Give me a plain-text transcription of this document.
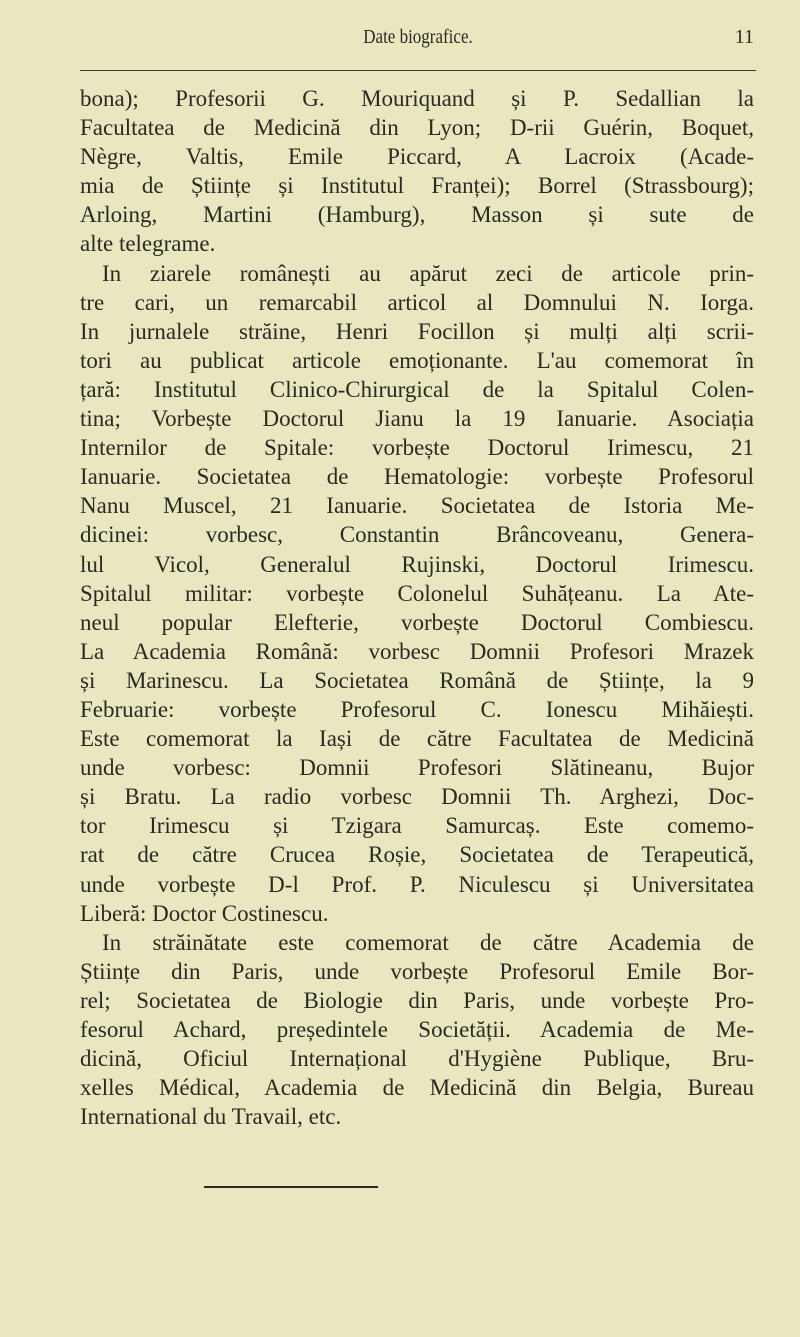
Date biografice.	11
bona); Profesorii G. Mouriquand și P. Sedallian la
Facultatea de Medicină din Lyon; D-rii Guérin, Boquet,
Nègre, Valtis, Emile Piccard, A Lacroix (Acade-
mia de Științe și Institutul Franței); Borrel (Strassbourg);
Arloing, Martini (Hamburg), Masson și sute de
alte telegrame.
In ziarele românești au apărut zeci de articole prin-
tre cari, un remarcabil articol al Domnului N. Iorga.
In jurnalele străine, Henri Focillon și mulți alți scrii-
tori au publicat articole emoționante. L'au comemorat în
țară: Institutul Clinico-Chirurgical de la Spitalul Colen-
tina; Vorbește Doctorul Jianu la 19 Ianuarie. Asociația
Internilor de Spitale: vorbește Doctorul Irimescu, 21
Ianuarie. Societatea de Hematologie: vorbește Profesorul
Nanu Muscel, 21 Ianuarie. Societatea de Istoria Me-
dicinei: vorbesc, Constantin Brâncoveanu, Genera-
lul Vicol, Generalul Rujinski, Doctorul Irimescu.
Spitalul militar: vorbește Colonelul Suhățeanu. La Ate-
neul popular Elefterie, vorbește Doctorul Combiescu.
La Academia Română: vorbesc Domnii Profesori Mrazek
și Marinescu. La Societatea Română de Științe, la 9
Februarie: vorbește Profesorul C. Ionescu Mihăiești.
Este comemorat la Iași de către Facultatea de Medicină
unde vorbesc: Domnii Profesori Slătineanu, Bujor
și Bratu. La radio vorbesc Domnii Th. Arghezi, Doc-
tor Irimescu și Tzigara Samurcaș. Este comemo-
rat de către Crucea Roșie, Societatea de Terapeutică,
unde vorbește D-l Prof. P. Niculescu și Universitatea
Liberă: Doctor Costinescu.
In străinătate este comemorat de către Academia de
Științe din Paris, unde vorbește Profesorul Emile Bor-
rel; Societatea de Biologie din Paris, unde vorbește Pro-
fesorul Achard, președintele Societății. Academia de Me-
dicină, Oficiul Internațional d'Hygiène Publique, Bru-
xelles Médical, Academia de Medicină din Belgia, Bureau
International du Travail, etc.
